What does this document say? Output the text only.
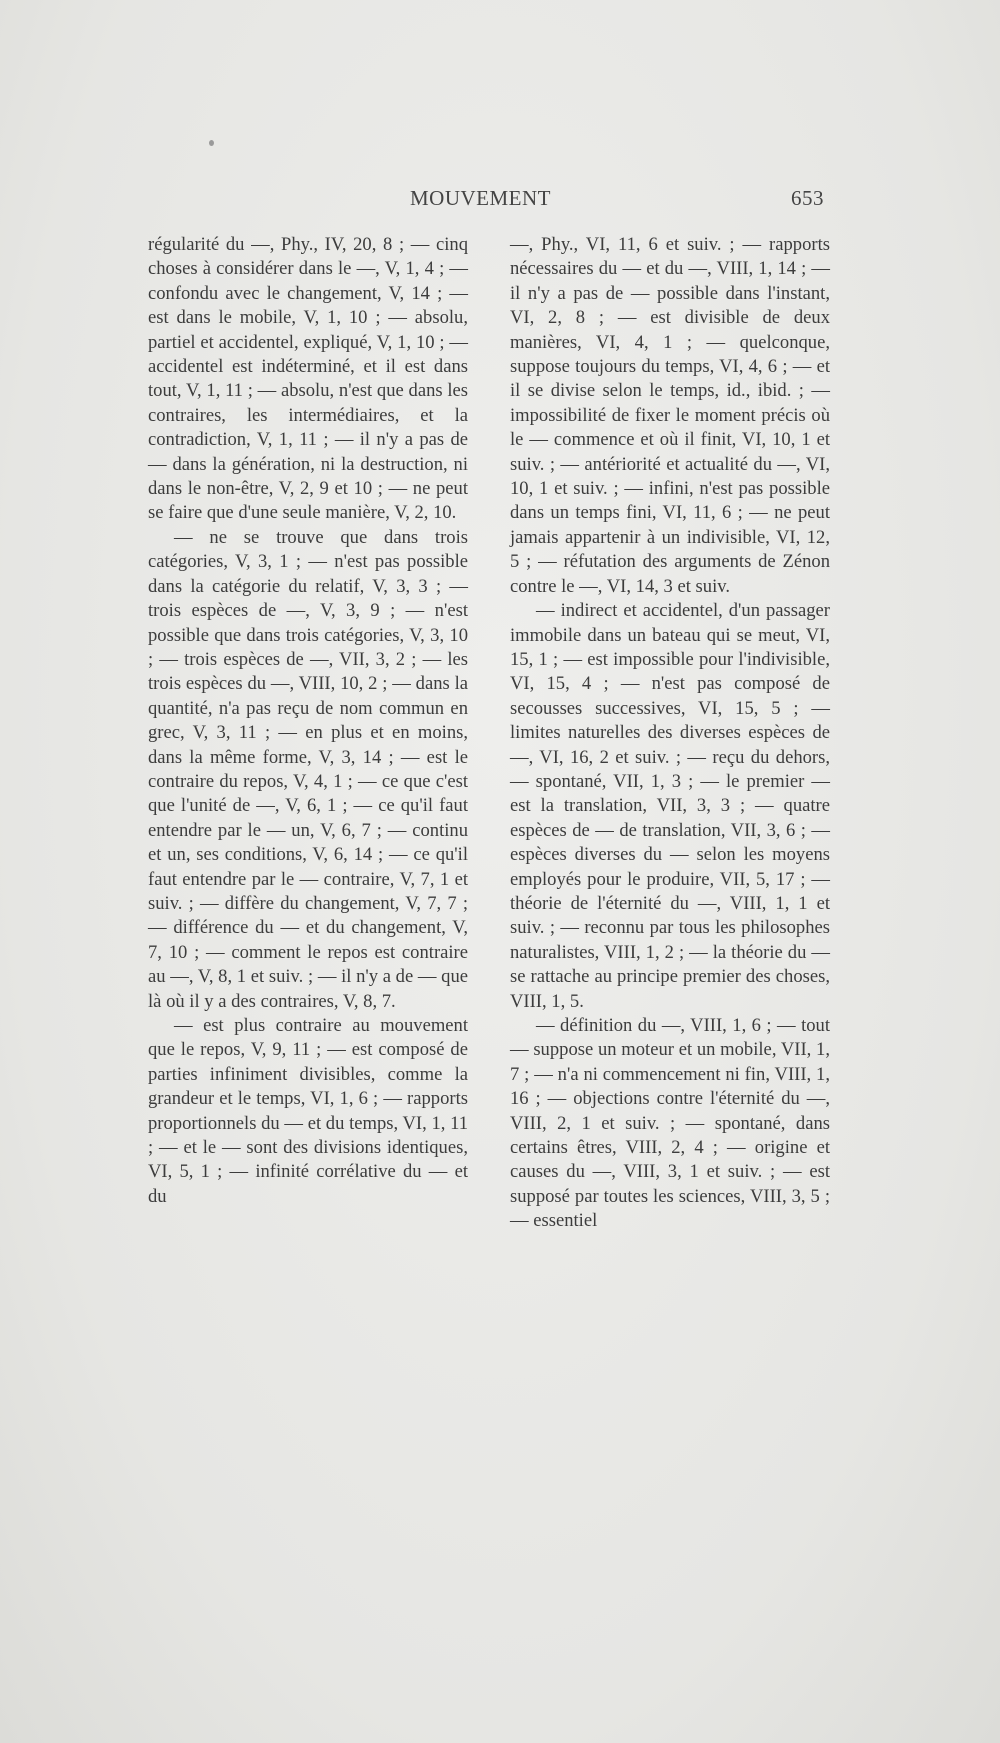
MOUVEMENT	653

régularité du —, Phy., IV, 20, 8 ; — cinq choses à considérer dans le —, V, 1, 4 ; — confondu avec le changement, V, 14 ; — est dans le mobile, V, 1, 10 ; — absolu, partiel et accidentel, expliqué, V, 1, 10 ; — accidentel est indéterminé, et il est dans tout, V, 1, 11 ; — absolu, n'est que dans les contraires, les intermédiaires, et la contradiction, V, 1, 11 ; — il n'y a pas de — dans la génération, ni la destruction, ni dans le non-être, V, 2, 9 et 10 ; — ne peut se faire que d'une seule manière, V, 2, 10.

— ne se trouve que dans trois catégories, V, 3, 1 ; — n'est pas possible dans la catégorie du relatif, V, 3, 3 ; — trois espèces de —, V, 3, 9 ; — n'est possible que dans trois catégories, V, 3, 10 ; — trois espèces de —, VII, 3, 2 ; — les trois espèces du —, VIII, 10, 2 ; — dans la quantité, n'a pas reçu de nom commun en grec, V, 3, 11 ; — en plus et en moins, dans la même forme, V, 3, 14 ; — est le contraire du repos, V, 4, 1 ; — ce que c'est que l'unité de —, V, 6, 1 ; — ce qu'il faut entendre par le — un, V, 6, 7 ; — continu et un, ses conditions, V, 6, 14 ; — ce qu'il faut entendre par le — contraire, V, 7, 1 et suiv. ; — diffère du changement, V, 7, 7 ; — différence du — et du changement, V, 7, 10 ; — comment le repos est contraire au —, V, 8, 1 et suiv. ; — il n'y a de — que là où il y a des contraires, V, 8, 7.

— est plus contraire au mouvement que le repos, V, 9, 11 ; — est composé de parties infiniment divisibles, comme la grandeur et le temps, VI, 1, 6 ; — rapports proportionnels du — et du temps, VI, 1, 11 ; — et le — sont des divisions identiques, VI, 5, 1 ; — infinité corrélative du — et du

—, Phy., VI, 11, 6 et suiv. ; — rapports nécessaires du — et du —, VIII, 1, 14 ; — il n'y a pas de — possible dans l'instant, VI, 2, 8 ; — est divisible de deux manières, VI, 4, 1 ; — quelconque, suppose toujours du temps, VI, 4, 6 ; — et il se divise selon le temps, id., ibid. ; — impossibilité de fixer le moment précis où le — commence et où il finit, VI, 10, 1 et suiv. ; — antériorité et actualité du —, VI, 10, 1 et suiv. ; — infini, n'est pas possible dans un temps fini, VI, 11, 6 ; — ne peut jamais appartenir à un indivisible, VI, 12, 5 ; — réfutation des arguments de Zénon contre le —, VI, 14, 3 et suiv.

— indirect et accidentel, d'un passager immobile dans un bateau qui se meut, VI, 15, 1 ; — est impossible pour l'indivisible, VI, 15, 4 ; — n'est pas composé de secousses successives, VI, 15, 5 ; — limites naturelles des diverses espèces de —, VI, 16, 2 et suiv. ; — reçu du dehors, — spontané, VII, 1, 3 ; — le premier — est la translation, VII, 3, 3 ; — quatre espèces de — de translation, VII, 3, 6 ; — espèces diverses du — selon les moyens employés pour le produire, VII, 5, 17 ; — théorie de l'éternité du —, VIII, 1, 1 et suiv. ; — reconnu par tous les philosophes naturalistes, VIII, 1, 2 ; — la théorie du — se rattache au principe premier des choses, VIII, 1, 5.

— définition du —, VIII, 1, 6 ; — tout — suppose un moteur et un mobile, VII, 1, 7 ; — n'a ni commencement ni fin, VIII, 1, 16 ; — objections contre l'éternité du —, VIII, 2, 1 et suiv. ; — spontané, dans certains êtres, VIII, 2, 4 ; — origine et causes du —, VIII, 3, 1 et suiv. ; — est supposé par toutes les sciences, VIII, 3, 5 ; — essentiel
